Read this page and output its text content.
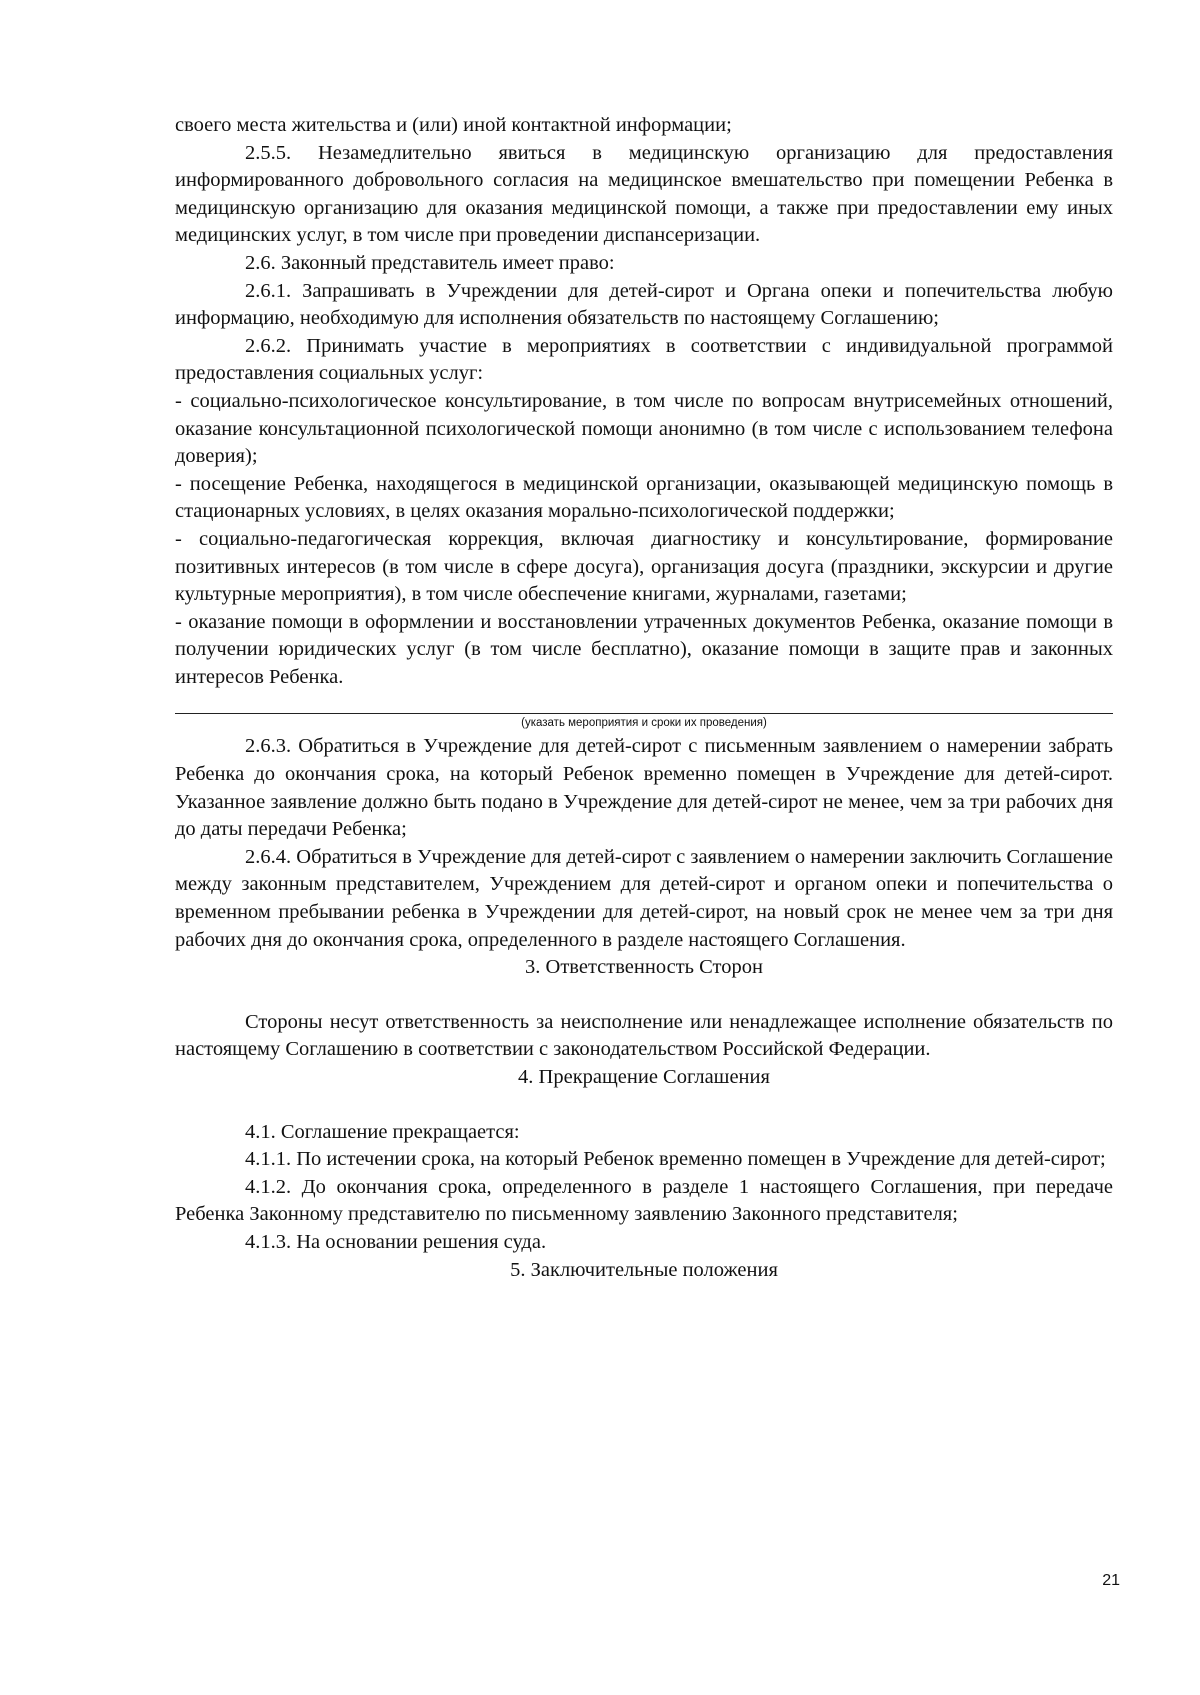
своего места жительства и (или) иной контактной информации;

2.5.5. Незамедлительно явиться в медицинскую организацию для предоставления информированного добровольного согласия на медицинское вмешательство при помещении Ребенка в медицинскую организацию для оказания медицинской помощи, а также при предоставлении ему иных медицинских услуг, в том числе при проведении диспансеризации.

2.6. Законный представитель имеет право:

2.6.1. Запрашивать в Учреждении для детей-сирот и Органа опеки и попечительства любую информацию, необходимую для исполнения обязательств по настоящему Соглашению;

2.6.2. Принимать участие в мероприятиях в соответствии с индивидуальной программой предоставления социальных услуг:

- социально-психологическое консультирование, в том числе по вопросам внутрисемейных отношений, оказание консультационной психологической помощи анонимно (в том числе с использованием телефона доверия);

- посещение Ребенка, находящегося в медицинской организации, оказывающей медицинскую помощь в стационарных условиях, в целях оказания морально-психологической поддержки;

- социально-педагогическая коррекция, включая диагностику и консультирование, формирование позитивных интересов (в том числе в сфере досуга), организация досуга (праздники, экскурсии и другие культурные мероприятия), в том числе обеспечение книгами, журналами, газетами;

- оказание помощи в оформлении и восстановлении утраченных документов Ребенка, оказание помощи в получении юридических услуг (в том числе бесплатно), оказание помощи в защите прав и законных интересов Ребенка.

(указать мероприятия и сроки их проведения)

2.6.3. Обратиться в Учреждение для детей-сирот с письменным заявлением о намерении забрать Ребенка до окончания срока, на который Ребенок временно помещен в Учреждение для детей-сирот. Указанное заявление должно быть подано в Учреждение для детей-сирот не менее, чем за три рабочих дня до даты передачи Ребенка;

2.6.4. Обратиться в Учреждение для детей-сирот с заявлением о намерении заключить Соглашение между законным представителем, Учреждением для детей-сирот и органом опеки и попечительства о временном пребывании ребенка в Учреждении для детей-сирот, на новый срок не менее чем за три дня рабочих дня до окончания срока, определенного в разделе настоящего Соглашения.

3. Ответственность Сторон

Стороны несут ответственность за неисполнение или ненадлежащее исполнение обязательств по настоящему Соглашению в соответствии с законодательством Российской Федерации.

4. Прекращение Соглашения

4.1. Соглашение прекращается:

4.1.1. По истечении срока, на который Ребенок временно помещен в Учреждение для детей-сирот;

4.1.2. До окончания срока, определенного в разделе 1 настоящего Соглашения, при передаче Ребенка Законному представителю по письменному заявлению Законного представителя;

4.1.3. На основании решения суда.

5. Заключительные положения

21
